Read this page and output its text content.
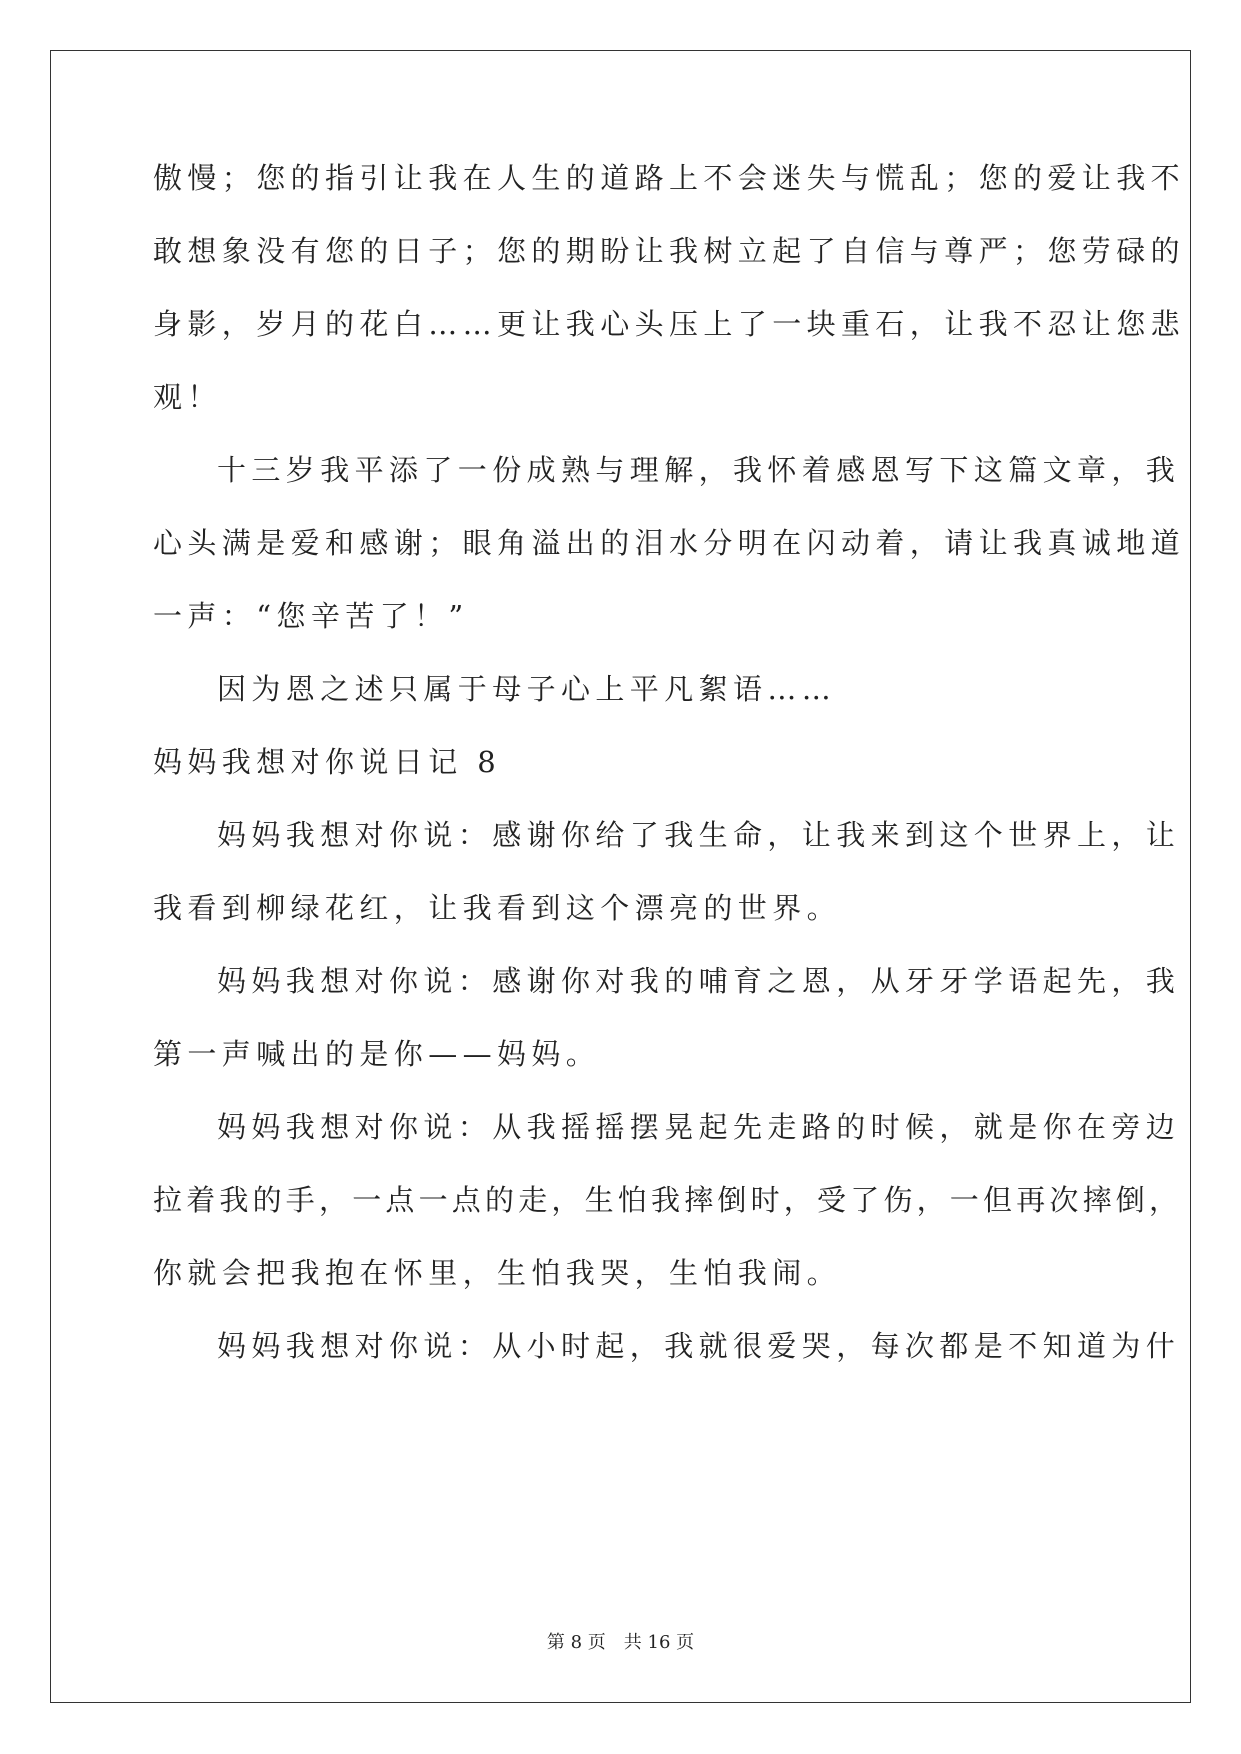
傲慢；您的指引让我在人生的道路上不会迷失与慌乱；您的爱让我不
敢想象没有您的日子；您的期盼让我树立起了自信与尊严；您劳碌的
身影，岁月的花白……更让我心头压上了一块重石，让我不忍让您悲
观！
十三岁我平添了一份成熟与理解，我怀着感恩写下这篇文章，我
心头满是爱和感谢；眼角溢出的泪水分明在闪动着，请让我真诚地道
一声：“您辛苦了！”
因为恩之述只属于母子心上平凡絮语……
妈妈我想对你说日记 8
妈妈我想对你说：感谢你给了我生命，让我来到这个世界上，让
我看到柳绿花红，让我看到这个漂亮的世界。
妈妈我想对你说：感谢你对我的哺育之恩，从牙牙学语起先，我
第一声喊出的是你——妈妈。
妈妈我想对你说：从我摇摇摆晃起先走路的时候，就是你在旁边
拉着我的手，一点一点的走，生怕我摔倒时，受了伤，一但再次摔倒，
你就会把我抱在怀里，生怕我哭，生怕我闹。
妈妈我想对你说：从小时起，我就很爱哭，每次都是不知道为什
第 8 页　共 16 页
